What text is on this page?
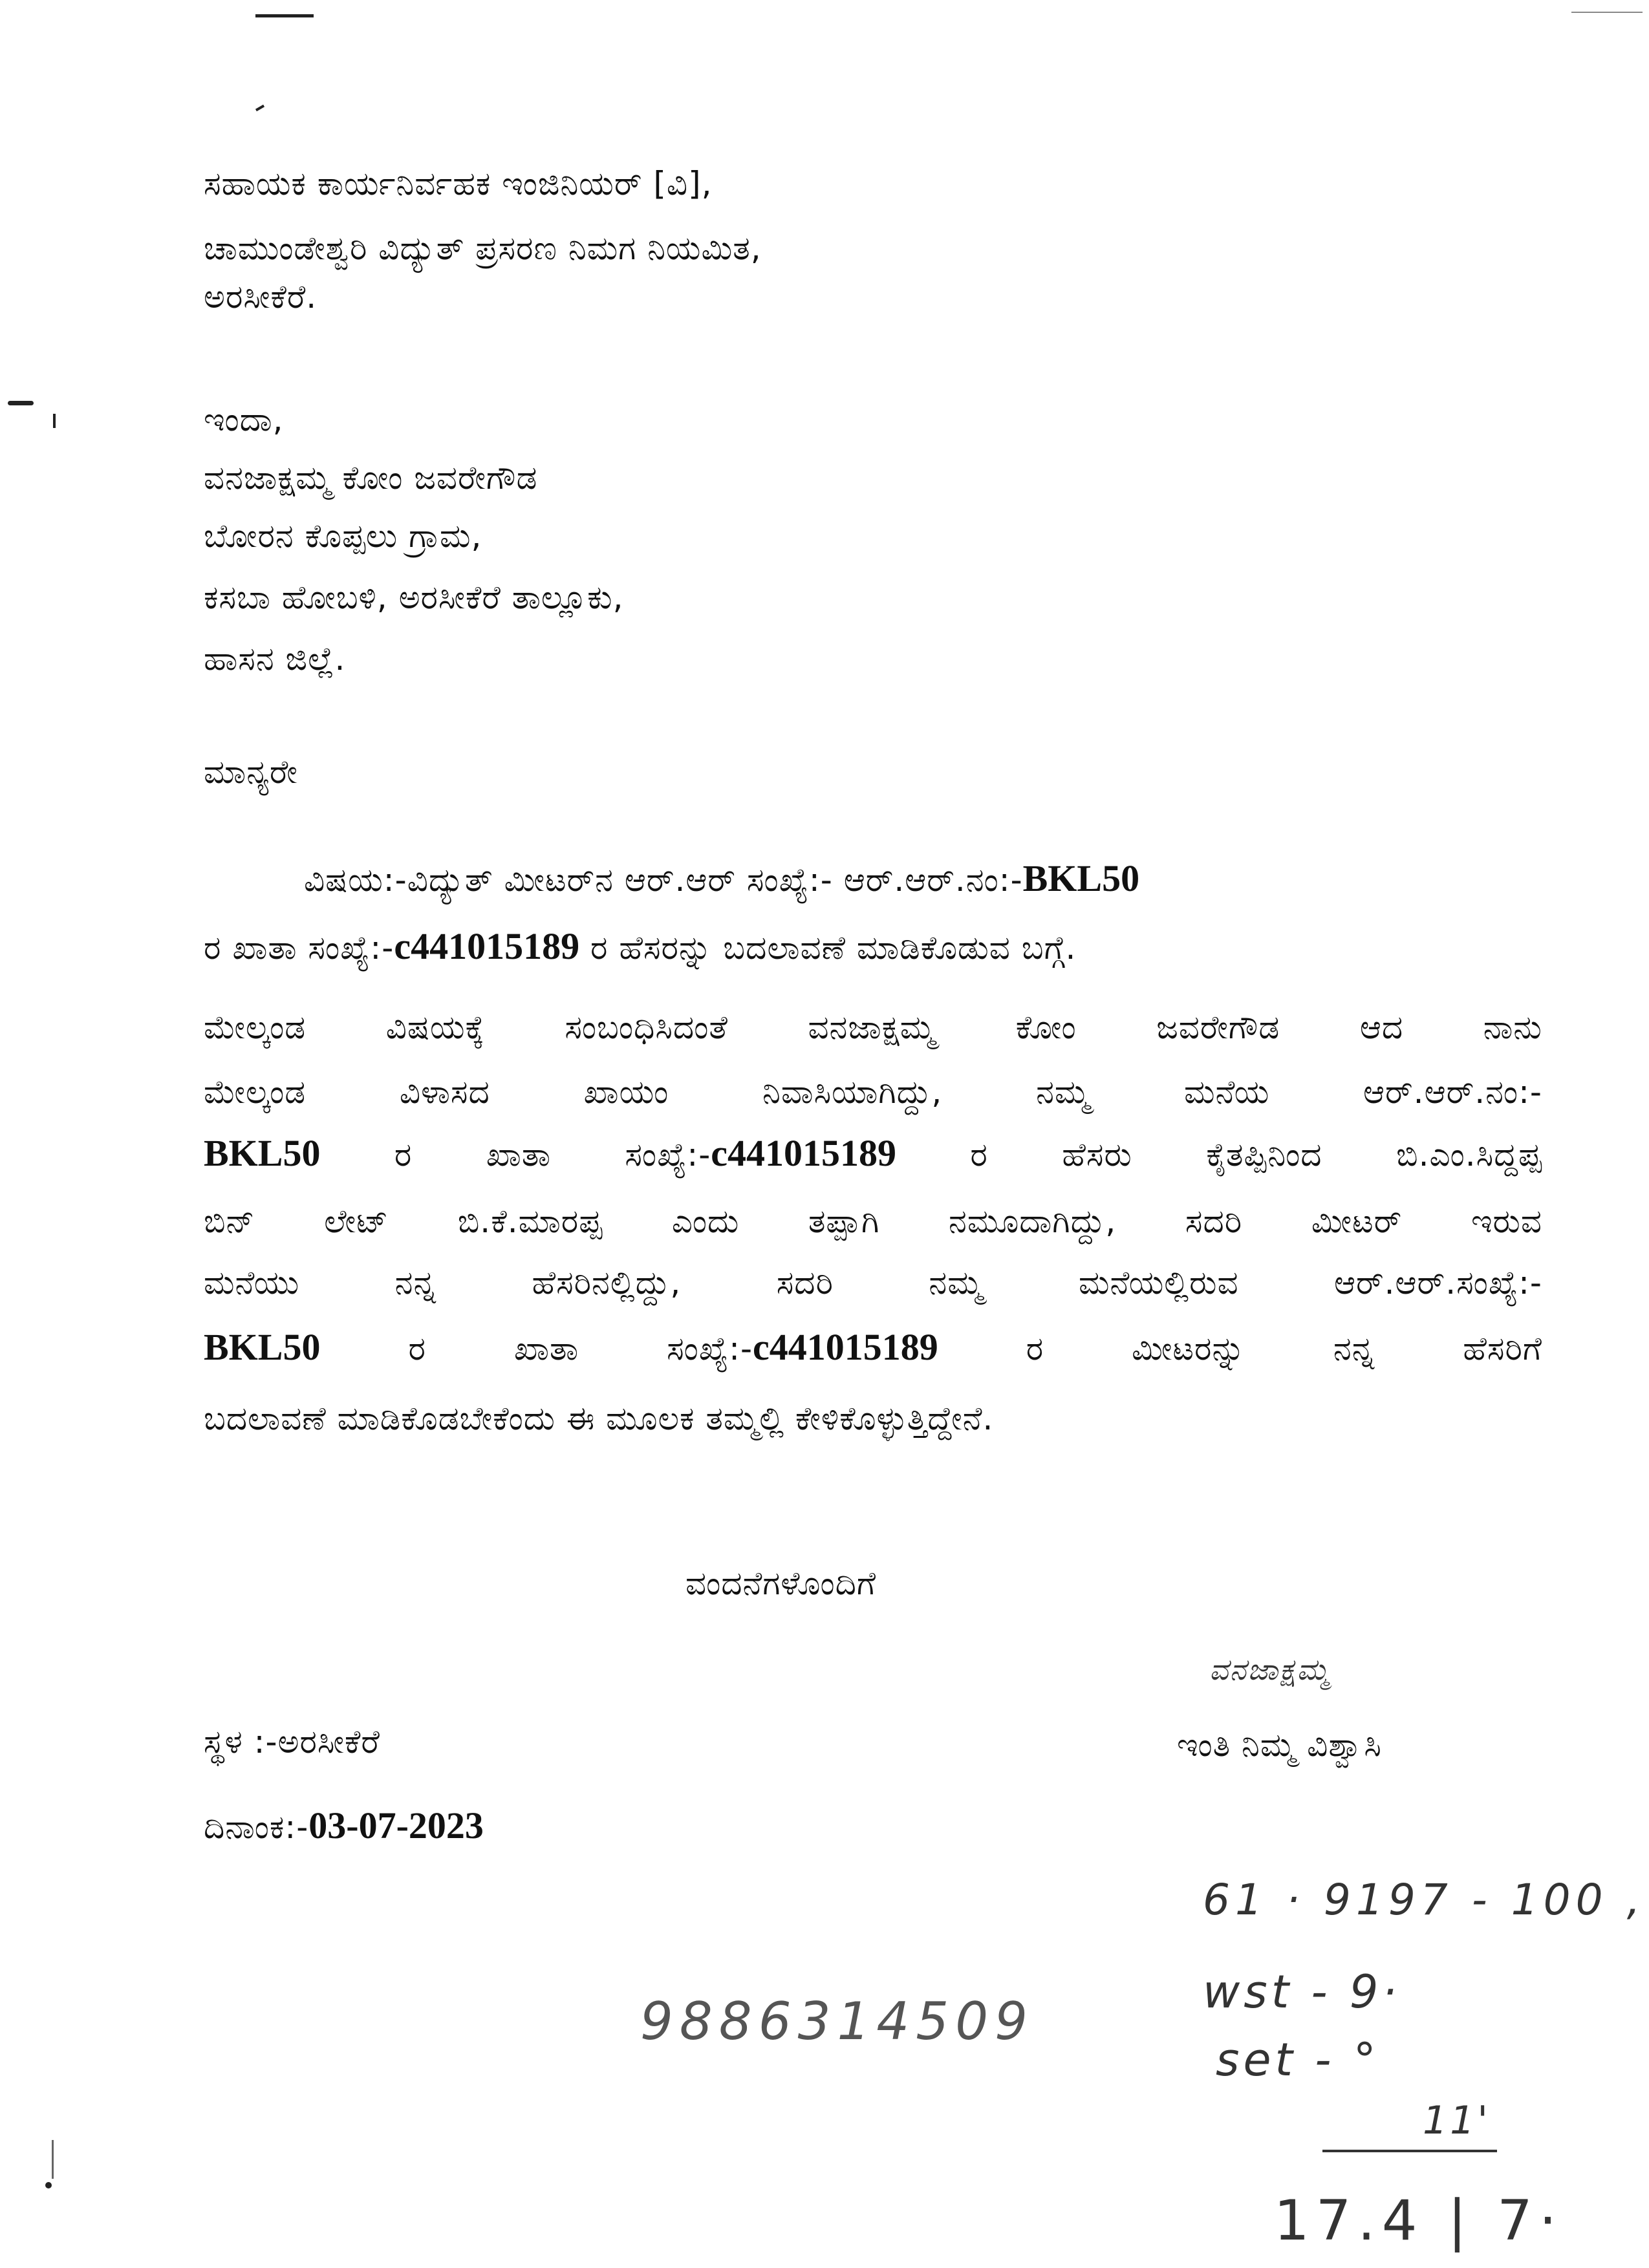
ಸಹಾಯಕ ಕಾರ್ಯನಿರ್ವಹಕ ಇಂಜಿನಿಯರ್ [ವಿ],
ಚಾಮುಂಡೇಶ್ವರಿ ವಿದ್ಯುತ್ ಪ್ರಸರಣ ನಿಮಗ ನಿಯಮಿತ,
ಅರಸೀಕೆರೆ.
ಇಂದಾ,
ವನಜಾಕ್ಷಮ್ಮ ಕೋಂ ಜವರೇಗೌಡ
ಬೋರನ ಕೊಪ್ಪಲು ಗ್ರಾಮ,
ಕಸಬಾ ಹೋಬಳಿ, ಅರಸೀಕೆರೆ ತಾಲ್ಲೂಕು,
ಹಾಸನ ಜಿಲ್ಲೆ.
ಮಾನ್ಯರೇ
ವಿಷಯ:-ವಿದ್ಯುತ್ ಮೀಟರ್‌ನ ಆರ್.ಆರ್ ಸಂಖ್ಯೆ:- ಆರ್.ಆರ್.ನಂ:-BKL50
ರ ಖಾತಾ ಸಂಖ್ಯೆ:-c441015189 ರ ಹೆಸರನ್ನು ಬದಲಾವಣೆ ಮಾಡಿಕೊಡುವ ಬಗ್ಗೆ.
ಮೇಲ್ಕಂಡ ವಿಷಯಕ್ಕೆ ಸಂಬಂಧಿಸಿದಂತೆ ವನಜಾಕ್ಷಮ್ಮ ಕೋಂ ಜವರೇಗೌಡ ಆದ ನಾನು
ಮೇಲ್ಕಂಡ	ವಿಳಾಸದ	ಖಾಯಂ	ನಿವಾಸಿಯಾಗಿದ್ದು,	ನಮ್ಮ	ಮನೆಯ	ಆರ್.ಆರ್.ನಂ:-
BKL50 ರ ಖಾತಾ ಸಂಖ್ಯೆ:-c441015189 ರ ಹೆಸರು ಕೈತಪ್ಪಿನಿಂದ ಬಿ.ಎಂ.ಸಿದ್ದಪ್ಪ
ಬಿನ್ ಲೇಟ್ ಬಿ.ಕೆ.ಮಾರಪ್ಪ ಎಂದು ತಪ್ಪಾಗಿ ನಮೂದಾಗಿದ್ದು, ಸದರಿ ಮೀಟರ್ ಇರುವ
ಮನೆಯು	ನನ್ನ	ಹೆಸರಿನಲ್ಲಿದ್ದು,	ಸದರಿ	ನಮ್ಮ	ಮನೆಯಲ್ಲಿರುವ	ಆರ್.ಆರ್.ಸಂಖ್ಯೆ:-
BKL50	ರ	ಖಾತಾ	ಸಂಖ್ಯೆ:-c441015189	ರ	ಮೀಟರನ್ನು	ನನ್ನ	ಹೆಸರಿಗೆ
ಬದಲಾವಣೆ ಮಾಡಿಕೊಡಬೇಕೆಂದು ಈ ಮೂಲಕ ತಮ್ಮಲ್ಲಿ ಕೇಳಿಕೊಳ್ಳುತ್ತಿದ್ದೇನೆ.
ವಂದನೆಗಳೊಂದಿಗೆ
ವನಜಾಕ್ಷಮ್ಮ
ಸ್ಥಳ :-ಅರಸೀಕೆರೆ	ಇಂತಿ ನಿಮ್ಮ ವಿಶ್ವಾಸಿ
ದಿನಾಂಕ:-03-07-2023
61 · 9197 - 100 ,
9886314509	wst - 9·
set - °
11'
17.4 | 7·
